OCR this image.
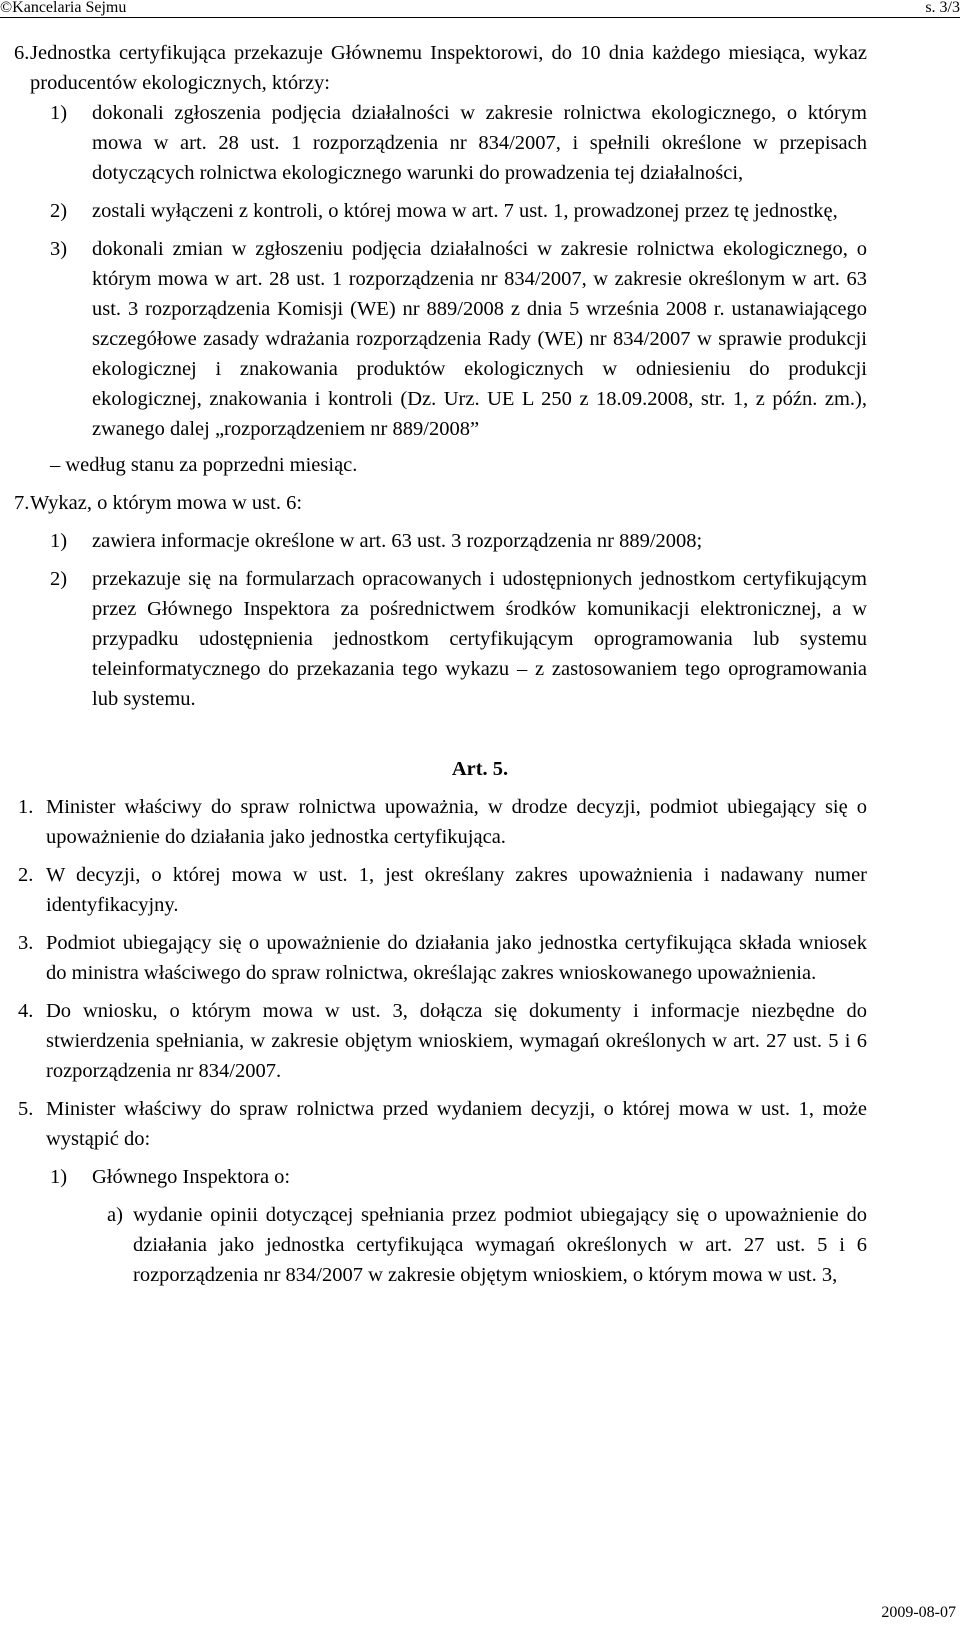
©Kancelaria Sejmu	s. 3/3
6. Jednostka certyfikująca przekazuje Głównemu Inspektorowi, do 10 dnia każdego miesiąca, wykaz producentów ekologicznych, którzy:
1) dokonali zgłoszenia podjęcia działalności w zakresie rolnictwa ekologicznego, o którym mowa w art. 28 ust. 1 rozporządzenia nr 834/2007, i spełnili określone w przepisach dotyczących rolnictwa ekologicznego warunki do prowadzenia tej działalności,
2) zostali wyłączeni z kontroli, o której mowa w art. 7 ust. 1, prowadzonej przez tę jednostkę,
3) dokonali zmian w zgłoszeniu podjęcia działalności w zakresie rolnictwa ekologicznego, o którym mowa w art. 28 ust. 1 rozporządzenia nr 834/2007, w zakresie określonym w art. 63 ust. 3 rozporządzenia Komisji (WE) nr 889/2008 z dnia 5 września 2008 r. ustanawiającego szczegółowe zasady wdrażania rozporządzenia Rady (WE) nr 834/2007 w sprawie produkcji ekologicznej i znakowania produktów ekologicznych w odniesieniu do produkcji ekologicznej, znakowania i kontroli (Dz. Urz. UE L 250 z 18.09.2008, str. 1, z późn. zm.), zwanego dalej „rozporządzeniem nr 889/2008”
– według stanu za poprzedni miesiąc.
7. Wykaz, o którym mowa w ust. 6:
1) zawiera informacje określone w art. 63 ust. 3 rozporządzenia nr 889/2008;
2) przekazuje się na formularzach opracowanych i udostępnionych jednostkom certyfikującym przez Głównego Inspektora za pośrednictwem środków komunikacji elektronicznej, a w przypadku udostępnienia jednostkom certyfikującym oprogramowania lub systemu teleinformatycznego do przekazania tego wykazu – z zastosowaniem tego oprogramowania lub systemu.
Art. 5.
1. Minister właściwy do spraw rolnictwa upoważnia, w drodze decyzji, podmiot ubiegający się o upoważnienie do działania jako jednostka certyfikująca.
2. W decyzji, o której mowa w ust. 1, jest określany zakres upoważnienia i nadawany numer identyfikacyjny.
3. Podmiot ubiegający się o upoważnienie do działania jako jednostka certyfikująca składa wniosek do ministra właściwego do spraw rolnictwa, określając zakres wnioskowanego upoważnienia.
4. Do wniosku, o którym mowa w ust. 3, dołącza się dokumenty i informacje niezbędne do stwierdzenia spełniania, w zakresie objętym wnioskiem, wymagań określonych w art. 27 ust. 5 i 6 rozporządzenia nr 834/2007.
5. Minister właściwy do spraw rolnictwa przed wydaniem decyzji, o której mowa w ust. 1, może wystąpić do:
1) Głównego Inspektora o:
a) wydanie opinii dotyczącej spełniania przez podmiot ubiegający się o upoważnienie do działania jako jednostka certyfikująca wymagań określonych w art. 27 ust. 5 i 6 rozporządzenia nr 834/2007 w zakresie objętym wnioskiem, o którym mowa w ust. 3,
2009-08-07
